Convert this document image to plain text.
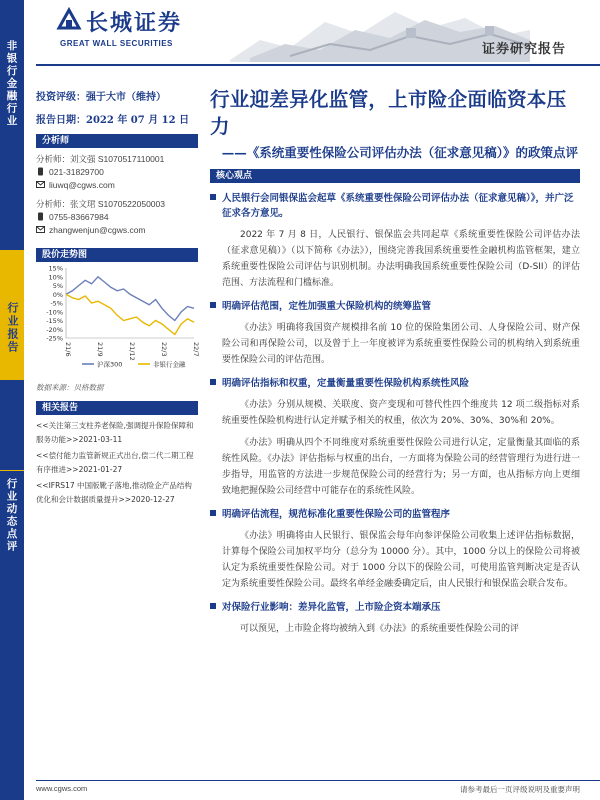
长城证券
GREAT WALL SECURITIES	证券研究报告
非银行金融行业
行业报告
行业动态点评
投资评级：强于大市（维持）
报告日期：2022 年 07 月 12 日
分析师
分析师：刘文强 S1070517110001
021-31829700
liuwq@cgws.com
分析师：张文珺 S1070522050003
0755-83667984
zhangwenjun@cgws.com
股价走势图
15%
10%
5%
0%
-5%
-10%
-15%
-20%
-25%
21/6	21/9	21/12	22/3	22/7
沪深300	非银行金融
数据来源：贝格数据
相关报告
<<关注第三支柱养老保险,强调提升保险保障和服务功能>>2021-03-11
<<偿付能力监管新规正式出台,偿二代二期工程有序推进>>2021-01-27
<<IFRS17 中国版靴子落地,推动险企产品结构优化和会计数据质量提升>>2020-12-27
行业迎差异化监管，上市险企面临资本压力
——《系统重要性保险公司评估办法（征求意见稿）》的政策点评
核心观点
人民银行会同银保监会起草《系统重要性保险公司评估办法（征求意见稿）》，并广泛征求各方意见。
2022 年 7 月 8 日，人民银行、银保监会共同起草《系统重要性保险公司评估办法（征求意见稿）》（以下简称《办法》），围绕完善我国系统重要性金融机构监管框架，建立系统重要性保险公司评估与识别机制。办法明确我国系统重要性保险公司（D-SII）的评估范围、方法流程和门槛标准。
明确评估范围，定性加强重大保险机构的统筹监管
《办法》明确将我国资产规模排名前 10 位的保险集团公司、人身保险公司、财产保险公司和再保险公司，以及曾于上一年度被评为系统重要性保险公司的机构纳入到系统重要性保险公司的评估范围。
明确评估指标和权重，定量衡量重要性保险机构系统性风险
《办法》分别从规模、关联度、资产变现和可替代性四个维度共 12 项二级指标对系统重要性保险机构进行认定并赋予相关的权重，依次为 20%、30%、30%和 20%。
《办法》明确从四个不同维度对系统重要性保险公司进行认定，定量衡量其面临的系统性风险。《办法》评估指标与权重的出台，一方面将为保险公司的经营管理行为进行进一步指导，用监管的方法进一步规范保险公司的经营行为；另一方面，也从指标方向上更细致地把握保险公司经营中可能存在的系统性风险。
明确评估流程，规范标准化重要性保险公司的监管程序
《办法》明确将由人民银行、银保监会每年向参评保险公司收集上述评估指标数据，计算每个保险公司加权平均分（总分为 10000 分）。其中，1000 分以上的保险公司将被认定为系统重要性保险公司。对于 1000 分以下的保险公司，可使用监管判断决定是否认定为系统重要性保险公司。最终名单经金融委确定后，由人民银行和银保监会联合发布。
对保险行业影响：差异化监管，上市险企资本端承压
可以预见，上市险企将均被纳入到《办法》的系统重要性保险公司的评
www.cgws.com	请参考最后一页评级说明及重要声明
